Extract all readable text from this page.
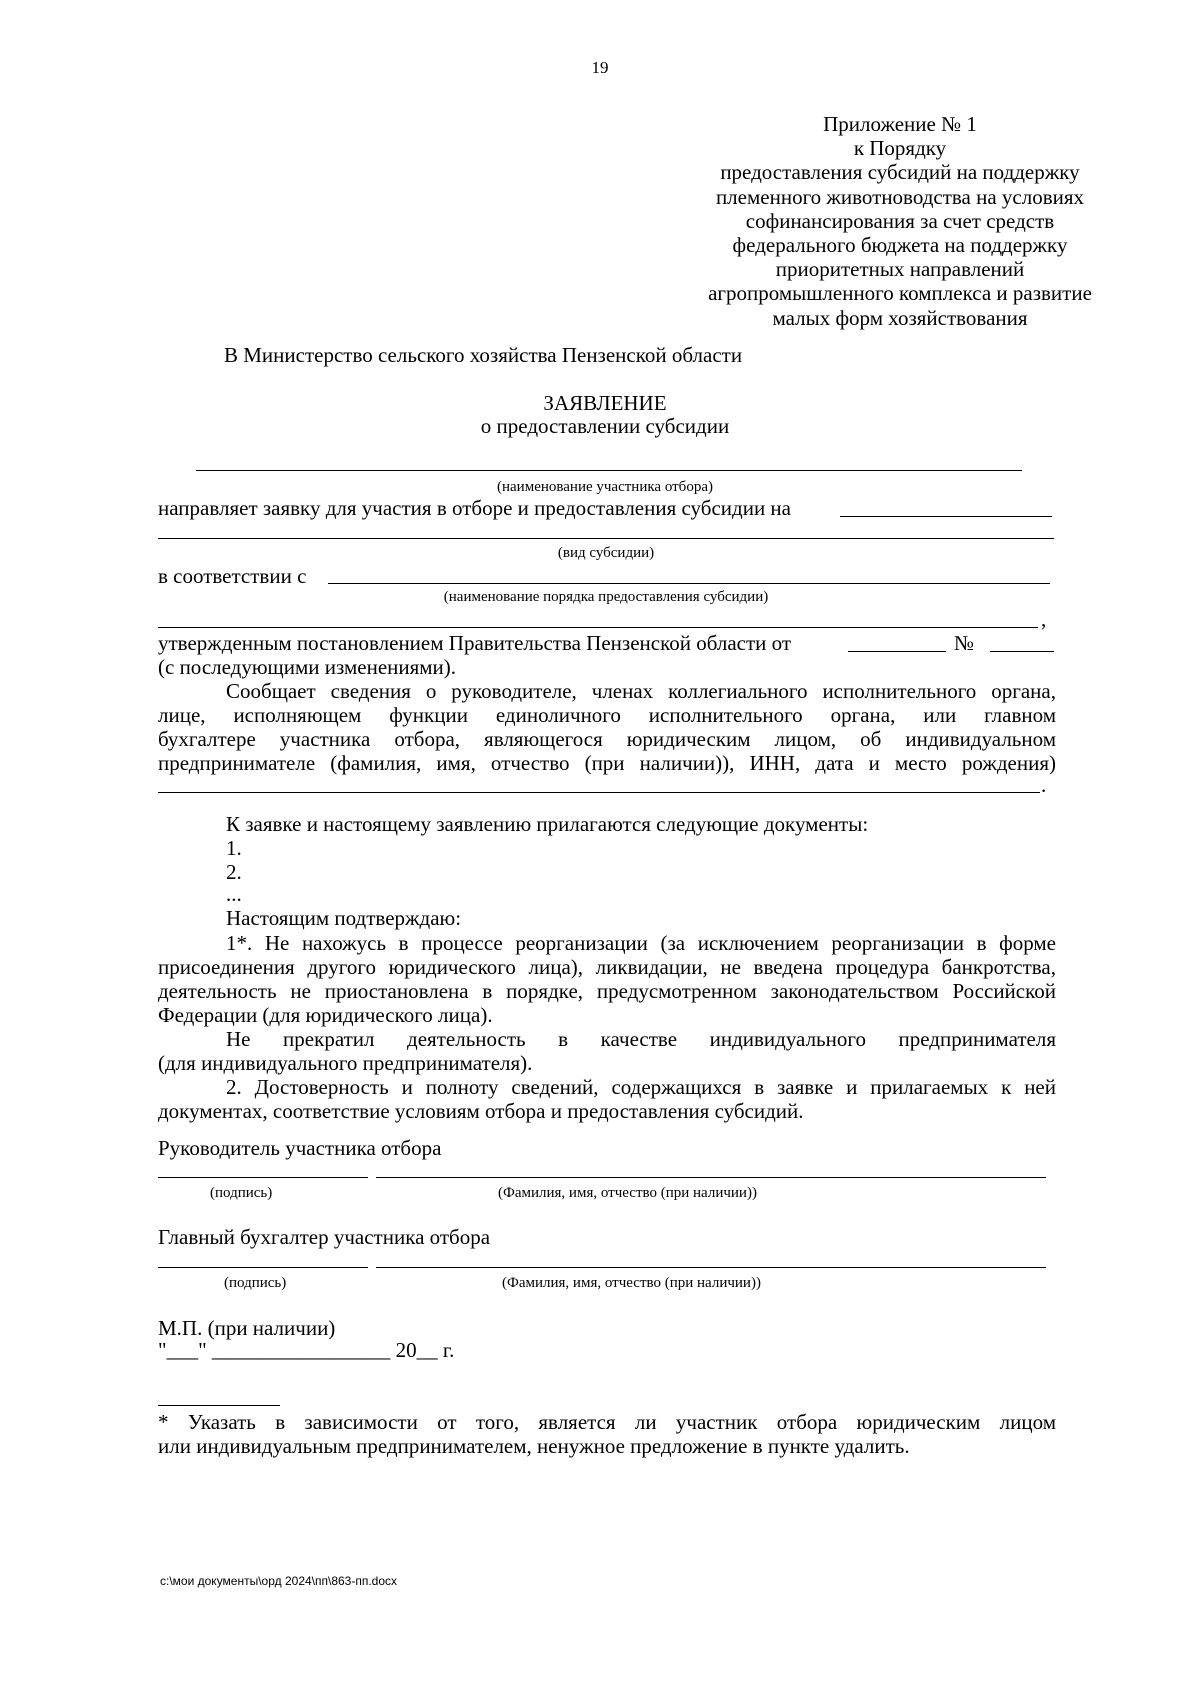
19
Приложение № 1
к Порядку
предоставления субсидий на поддержку
племенного животноводства на условиях
софинансирования за счет средств
федерального бюджета на поддержку
приоритетных направлений
агропромышленного комплекса и развитие
малых форм хозяйствования
В Министерство сельского хозяйства Пензенской области
ЗАЯВЛЕНИЕ
о предоставлении субсидии
(наименование участника отбора)
направляет заявку для участия в отборе и предоставления субсидии на
(вид субсидии)
в соответствии с
(наименование порядка предоставления субсидии)
,
утвержденным постановлением Правительства Пензенской области от	№
(с последующими изменениями).
Сообщает сведения о руководителе, членах коллегиального исполнительного органа,
лице, исполняющем функции единоличного исполнительного органа, или главном
бухгалтере участника отбора, являющегося юридическим лицом, об индивидуальном
предпринимателе (фамилия, имя, отчество (при наличии)), ИНН, дата и место рождения)
.
К заявке и настоящему заявлению прилагаются следующие документы:
1.
2.
...
Настоящим подтверждаю:
1*. Не нахожусь в процессе реорганизации (за исключением реорганизации в форме
присоединения другого юридического лица), ликвидации, не введена процедура банкротства,
деятельность не приостановлена в порядке, предусмотренном законодательством Российской
Федерации (для юридического лица).
Не прекратил деятельность в качестве индивидуального предпринимателя
(для индивидуального предпринимателя).
2. Достоверность и полноту сведений, содержащихся в заявке и прилагаемых к ней
документах, соответствие условиям отбора и предоставления субсидий.
Руководитель участника отбора
(подпись)	(Фамилия, имя, отчество (при наличии))
Главный бухгалтер участника отбора
(подпись)	(Фамилия, имя, отчество (при наличии))
М.П. (при наличии)
"___" _________________ 20__ г.
* Указать в зависимости от того, является ли участник отбора юридическим лицом
или индивидуальным предпринимателем, ненужное предложение в пункте удалить.
c:\мои документы\орд 2024\пп\863-пп.docx
